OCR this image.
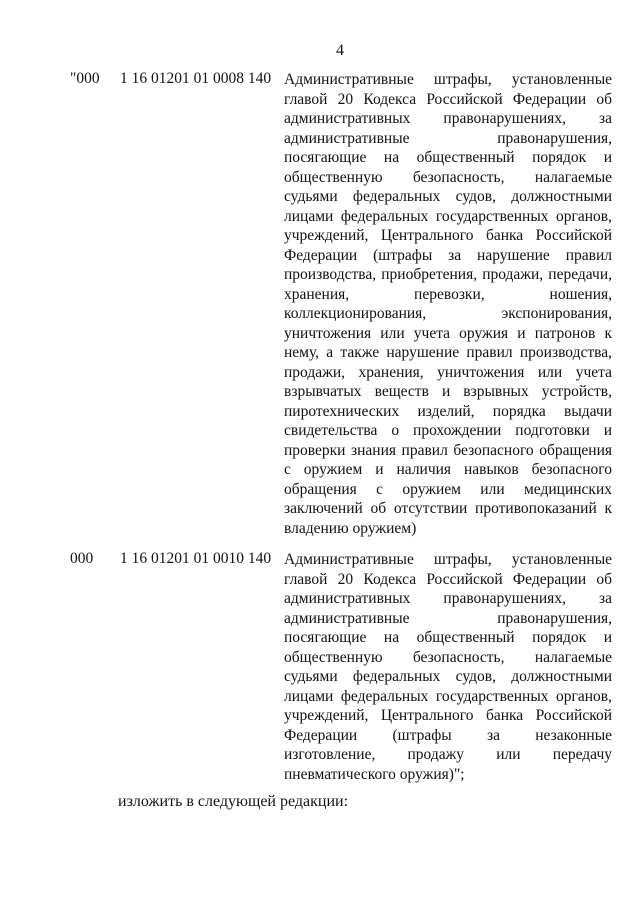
4
"000 1 16 01201 01 0008 140 Административные штрафы, установленные главой 20 Кодекса Российской Федерации об административных правонарушениях, за административные правонарушения, посягающие на общественный порядок и общественную безопасность, налагаемые судьями федеральных судов, должностными лицами федеральных государственных органов, учреждений, Центрального банка Российской Федерации (штрафы за нарушение правил производства, приобретения, продажи, передачи, хранения, перевозки, ношения, коллекционирования, экспонирования, уничтожения или учета оружия и патронов к нему, а также нарушение правил производства, продажи, хранения, уничтожения или учета взрывчатых веществ и взрывных устройств, пиротехнических изделий, порядка выдачи свидетельства о прохождении подготовки и проверки знания правил безопасного обращения с оружием и наличия навыков безопасного обращения с оружием или медицинских заключений об отсутствии противопоказаний к владению оружием)

000 1 16 01201 01 0010 140 Административные штрафы, установленные главой 20 Кодекса Российской Федерации об административных правонарушениях, за административные правонарушения, посягающие на общественный порядок и общественную безопасность, налагаемые судьями федеральных судов, должностными лицами федеральных государственных органов, учреждений, Центрального банка Российской Федерации (штрафы за незаконные изготовление, продажу или передачу пневматического оружия)";

изложить в следующей редакции:
